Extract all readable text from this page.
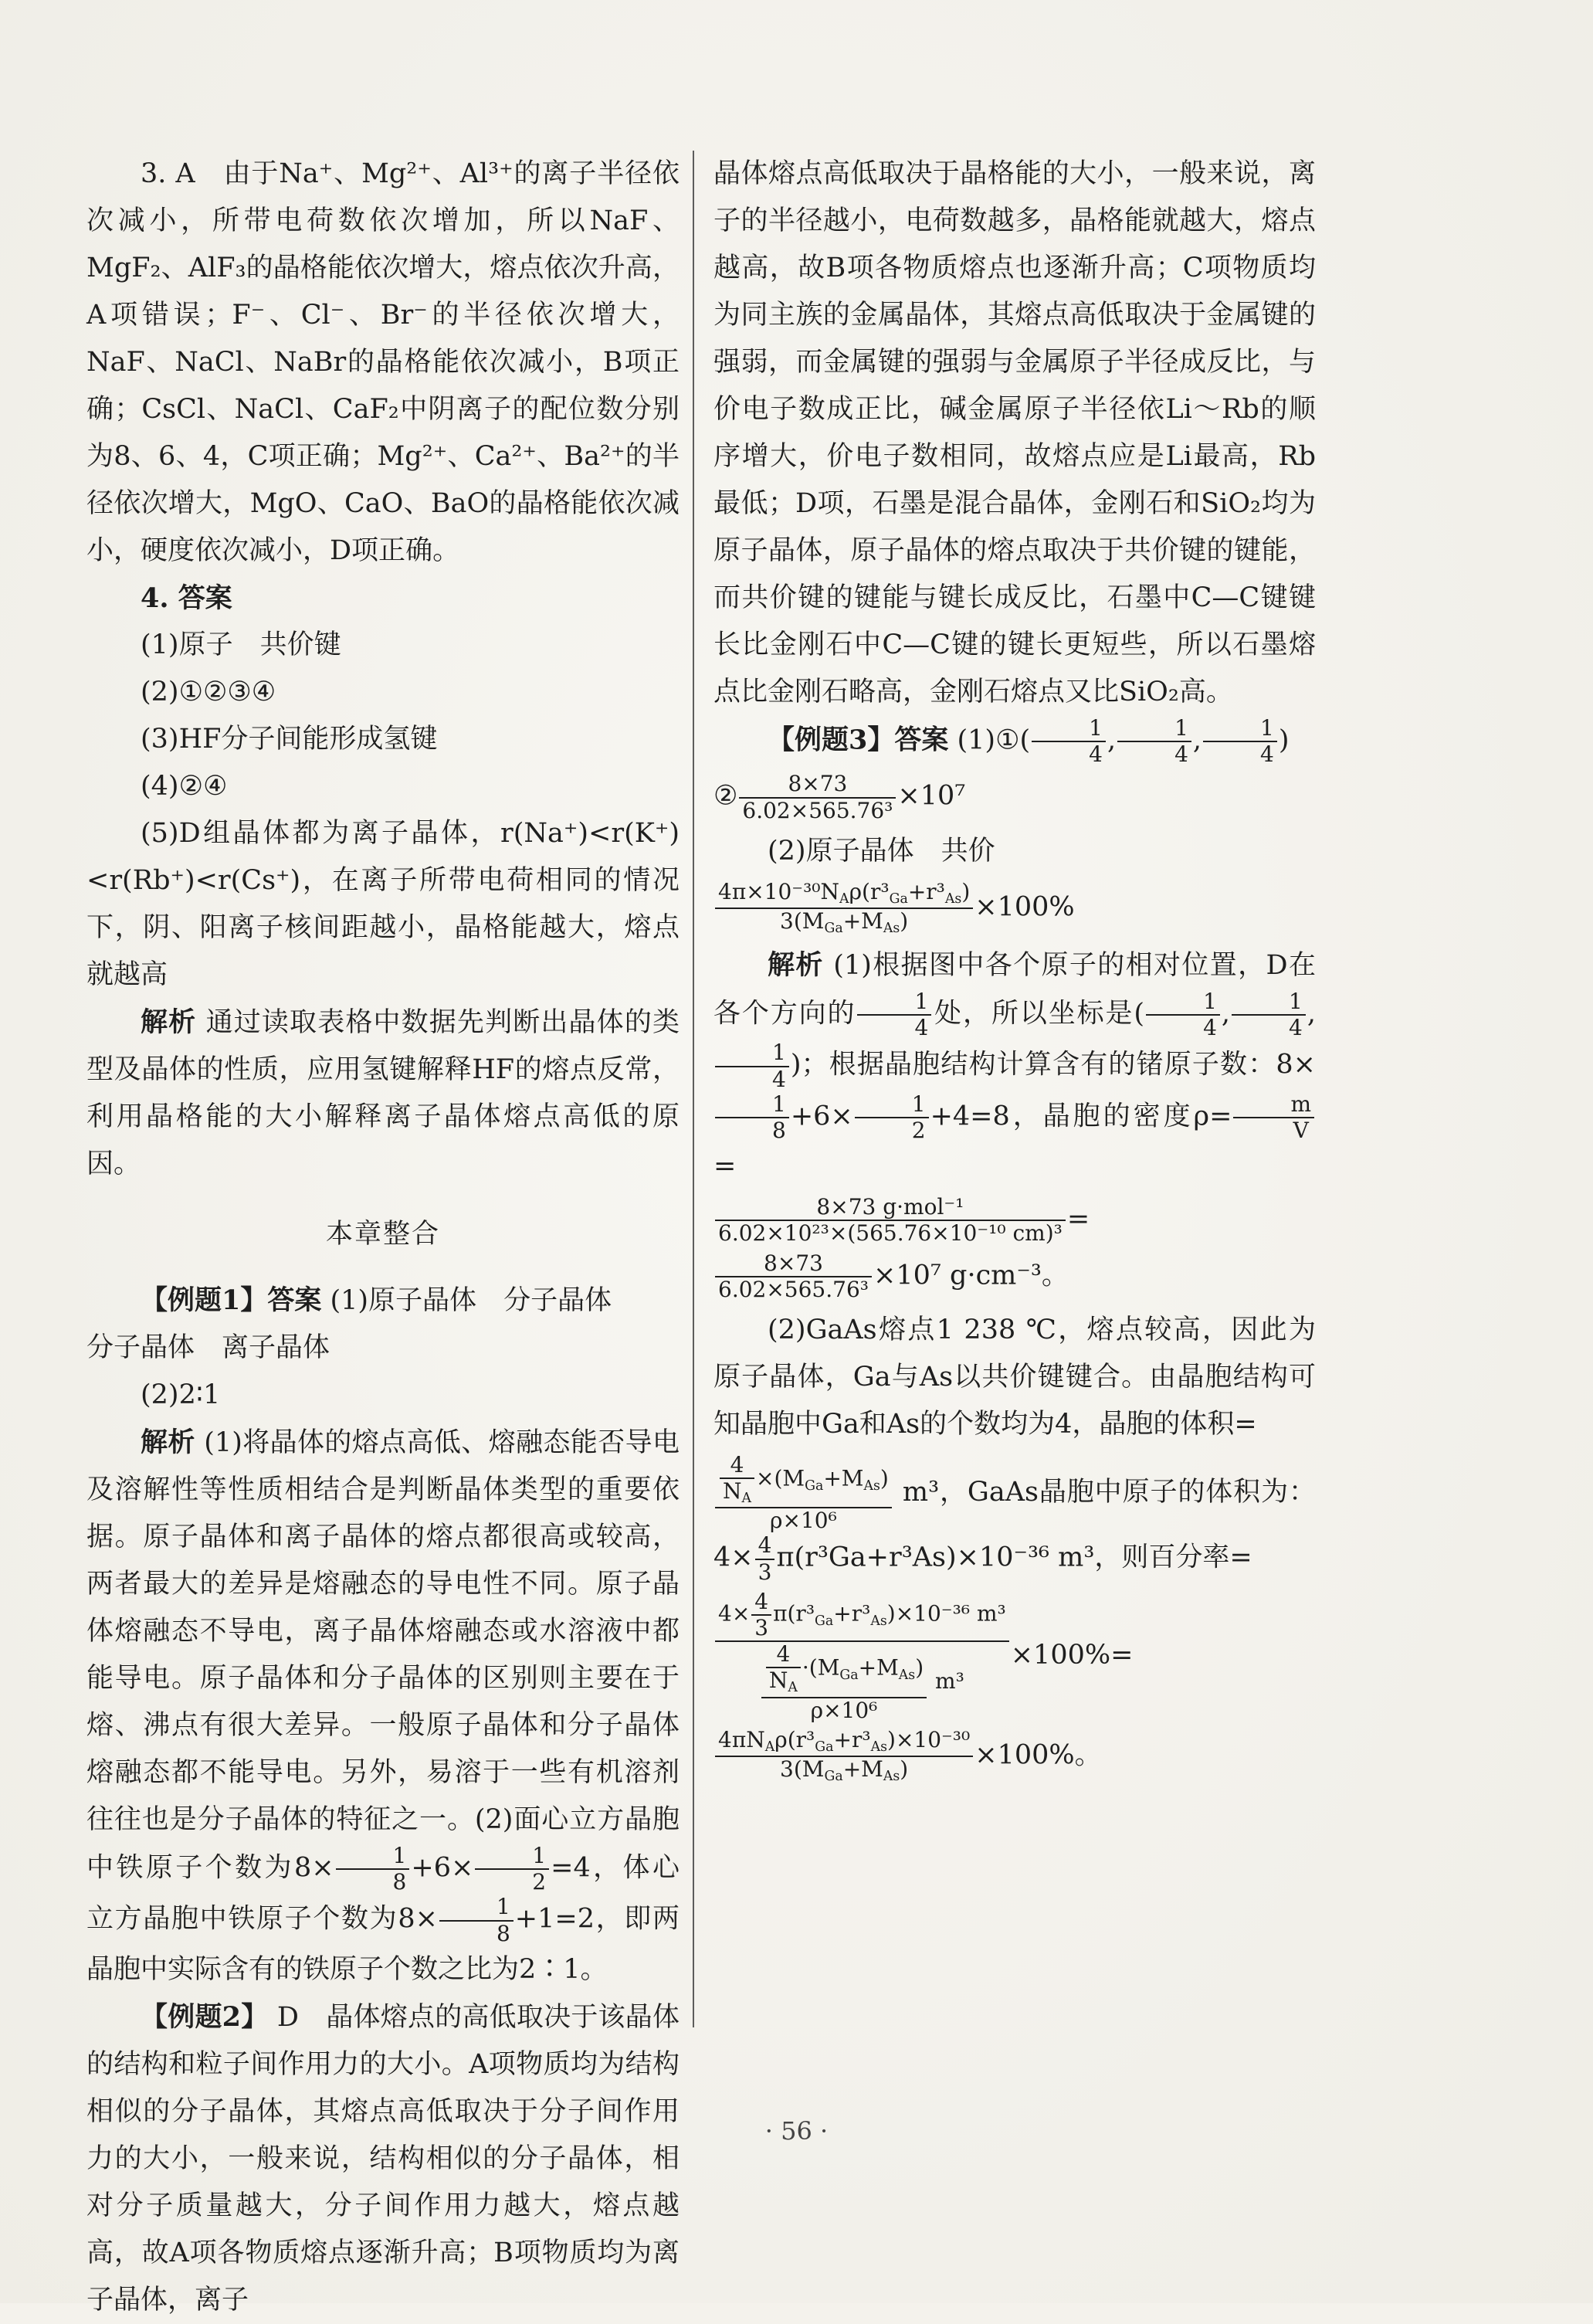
3. A　由于Na⁺、Mg²⁺、Al³⁺的离子半径依次减小，所带电荷数依次增加，所以NaF、MgF₂、AlF₃的晶格能依次增大，熔点依次升高，A项错误；F⁻、Cl⁻、Br⁻的半径依次增大，NaF、NaCl、NaBr的晶格能依次减小，B项正确；CsCl、NaCl、CaF₂中阴离子的配位数分别为8、6、4，C项正确；Mg²⁺、Ca²⁺、Ba²⁺的半径依次增大，MgO、CaO、BaO的晶格能依次减小，硬度依次减小，D项正确。

4. 答案

(1)原子　共价键

(2)①②③④

(3)HF分子间能形成氢键

(4)②④

(5)D组晶体都为离子晶体，r(Na⁺)<r(K⁺)<r(Rb⁺)<r(Cs⁺)，在离子所带电荷相同的情况下，阴、阳离子核间距越小，晶格能越大，熔点就越高

解析 通过读取表格中数据先判断出晶体的类型及晶体的性质，应用氢键解释HF的熔点反常，利用晶格能的大小解释离子晶体熔点高低的原因。

本章整合

【例题1】答案 (1)原子晶体　分子晶体

分子晶体　离子晶体

(2)2∶1

解析 (1)将晶体的熔点高低、熔融态能否导电及溶解性等性质相结合是判断晶体类型的重要依据。原子晶体和离子晶体的熔点都很高或较高，两者最大的差异是熔融态的导电性不同。原子晶体熔融态不导电，离子晶体熔融态或水溶液中都能导电。原子晶体和分子晶体的区别则主要在于熔、沸点有很大差异。一般原子晶体和分子晶体熔融态都不能导电。另外，易溶于一些有机溶剂往往也是分子晶体的特征之一。(2)面心立方晶胞中铁原子个数为$8\times \frac{1}{8} +6\times \frac{1}{2} =4$，体心立方晶胞中铁原子个数为$8\times \frac{1}{8} +1=2$，即两晶胞中实际含有的铁原子个数之比为2∶1。

【例题2】 D　晶体熔点的高低取决于该晶体的结构和粒子间作用力的大小。A项物质均为结构相似的分子晶体，其熔点高低取决于分子间作用力的大小，一般来说，结构相似的分子晶体，相对分子质量越大，分子间作用力越大，熔点越高，故A项各物质熔点逐渐升高；B项物质均为离子晶体，离子

晶体熔点高低取决于晶格能的大小，一般来说，离子的半径越小，电荷数越多，晶格能就越大，熔点越高，故B项各物质熔点也逐渐升高；C项物质均为同主族的金属晶体，其熔点高低取决于金属键的强弱，而金属键的强弱与金属原子半径成反比，与价电子数成正比，碱金属原子半径依Li～Rb的顺序增大，价电子数相同，故熔点应是Li最高，Rb最低；D项，石墨是混合晶体，金刚石和SiO₂均为原子晶体，原子晶体的熔点取决于共价键的键能，而共价键的键能与键长成反比，石墨中C—C键键长比金刚石中C—C键的键长更短些，所以石墨熔点比金刚石略高，金刚石熔点又比SiO₂高。

【例题3】答案 (1)①( $\frac{1}{4}$ , $\frac{1}{4}$ , $\frac{1}{4}$ )

② $\frac{8\times 73}{\text{6.02×565.76³}} \times 10^7$

(2)原子晶体　共价

$\frac{4\pi\times 10^{-30}N_A\rho(r^3_{Ga}+r^3_{As})}{3(M_{Ga}+M_{As})} \times 100\%$

解析 (1)根据图中各个原子的相对位置，D在各个方向的 $\frac{1}{4}$ 处，所以坐标是( $\frac{1}{4}$ , $\frac{1}{4}$ ,
$\frac{1}{4}$ )；根据晶胞结构计算含有的锗原子数：8×
$\frac{1}{8} +6\times \frac{1}{2} +4=8$，晶胞的密度$\rho= \frac{m}{V}$
=

$\frac{\text{8×73 g·mol⁻¹}}{\text{6.02×10²³×(565.76×10⁻¹⁰ cm)³}}$ =
$\frac{8\times 73}{\text{6.02×565.76³}} \times 10^7$ g·cm⁻³。

(2)GaAs熔点1 238 ℃，熔点较高，因此为原子晶体，Ga与As以共价键键合。由晶胞结构可知晶胞中Ga和As的个数均为4，晶胞的体积=

$\frac{\frac{4}{N_A} \times(M_{Ga}+M_{As})}{\text{ρ×10⁶}} m^3$，GaAs晶胞中原子的体积为：$4\times \frac{4}{3} \pi(r^3Ga+r^3As)\times 10^{-36}$ m³，则百分率=
$\frac{4\times \frac{4}{3} \pi(r^3_{Ga}+r^3_{As})\times 10^{-36} m^3}{\frac{\frac{4}{N_A} \cdot(M_{Ga}+M_{As})}{\text{ρ×10⁶}} m^3} \times 100\%=$
$\frac{4\pi N_A\rho(r^3_{Ga}+r^3_{As})\times 10^{-30}}{3(M_{Ga}+M_{As})} \times 100\%$。
· 56 ·
